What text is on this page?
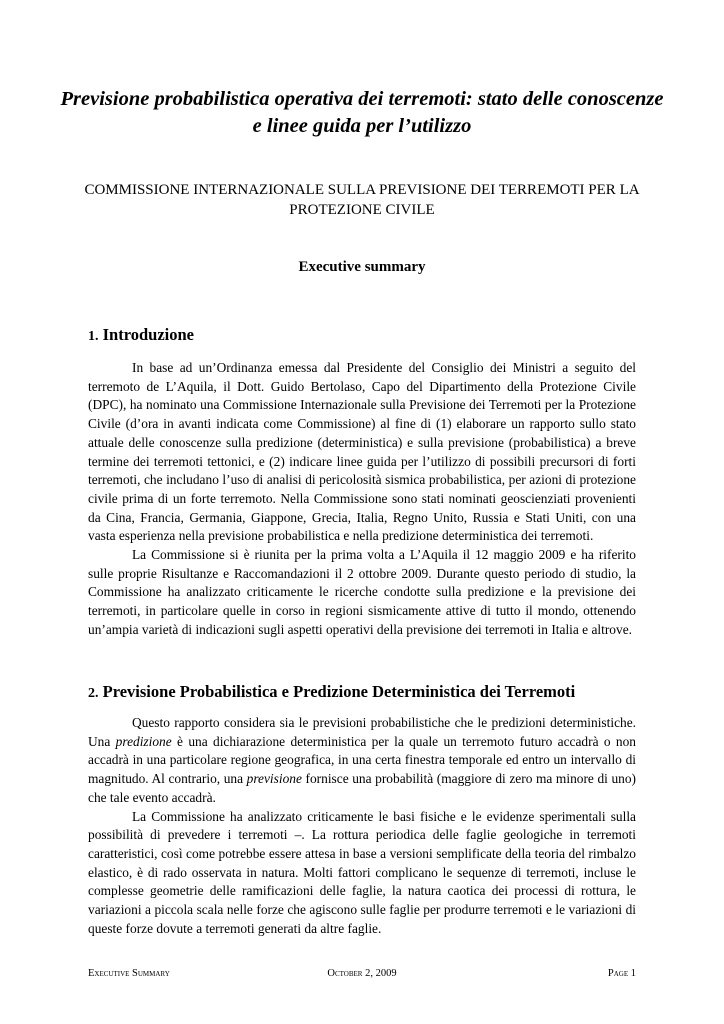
Previsione probabilistica operativa dei terremoti: stato delle conoscenze e linee guida per l’utilizzo
COMMISSIONE INTERNAZIONALE SULLA PREVISIONE DEI TERREMOTI PER LA PROTEZIONE CIVILE
Executive summary
1. Introduzione

In base ad un’Ordinanza emessa dal Presidente del Consiglio dei Ministri a seguito del terremoto de L’Aquila, il Dott. Guido Bertolaso, Capo del Dipartimento della Protezione Civile (DPC), ha nominato una Commissione Internazionale sulla Previsione dei Terremoti per la Protezione Civile (d’ora in avanti indicata come Commissione) al fine di (1) elaborare un rapporto sullo stato attuale delle conoscenze sulla predizione (deterministica) e sulla previsione (probabilistica) a breve termine dei terremoti tettonici, e (2) indicare linee guida per l’utilizzo di possibili precursori di forti terremoti, che includano l’uso di analisi di pericolosità sismica probabilistica, per azioni di protezione civile prima di un forte terremoto. Nella Commissione sono stati nominati geoscienziati provenienti da Cina, Francia, Germania, Giappone, Grecia, Italia, Regno Unito, Russia e Stati Uniti, con una vasta esperienza nella previsione probabilistica e nella predizione deterministica dei terremoti.

La Commissione si è riunita per la prima volta a L’Aquila il 12 maggio 2009 e ha riferito sulle proprie Risultanze e Raccomandazioni il 2 ottobre 2009. Durante questo periodo di studio, la Commissione ha analizzato criticamente le ricerche condotte sulla predizione e la previsione dei terremoti, in particolare quelle in corso in regioni sismicamente attive di tutto il mondo, ottenendo un’ampia varietà di indicazioni sugli aspetti operativi della previsione dei terremoti in Italia e altrove.

2. Previsione Probabilistica e Predizione Deterministica dei Terremoti

Questo rapporto considera sia le previsioni probabilistiche che le predizioni deterministiche. Una predizione è una dichiarazione deterministica per la quale un terremoto futuro accadrà o non accadrà in una particolare regione geografica, in una certa finestra temporale ed entro un intervallo di magnitudo. Al contrario, una previsione fornisce una probabilità (maggiore di zero ma minore di uno) che tale evento accadrà.

La Commissione ha analizzato criticamente le basi fisiche e le evidenze sperimentali sulla possibilità di prevedere i terremoti –. La rottura periodica delle faglie geologiche in terremoti caratteristici, così come potrebbe essere attesa in base a versioni semplificate della teoria del rimbalzo elastico, è di rado osservata in natura. Molti fattori complicano le sequenze di terremoti, incluse le complesse geometrie delle ramificazioni delle faglie, la natura caotica dei processi di rottura, le variazioni a piccola scala nelle forze che agiscono sulle faglie per produrre terremoti e le variazioni di queste forze dovute a terremoti generati da altre faglie.

Executive Summary	October 2, 2009	Page 1
